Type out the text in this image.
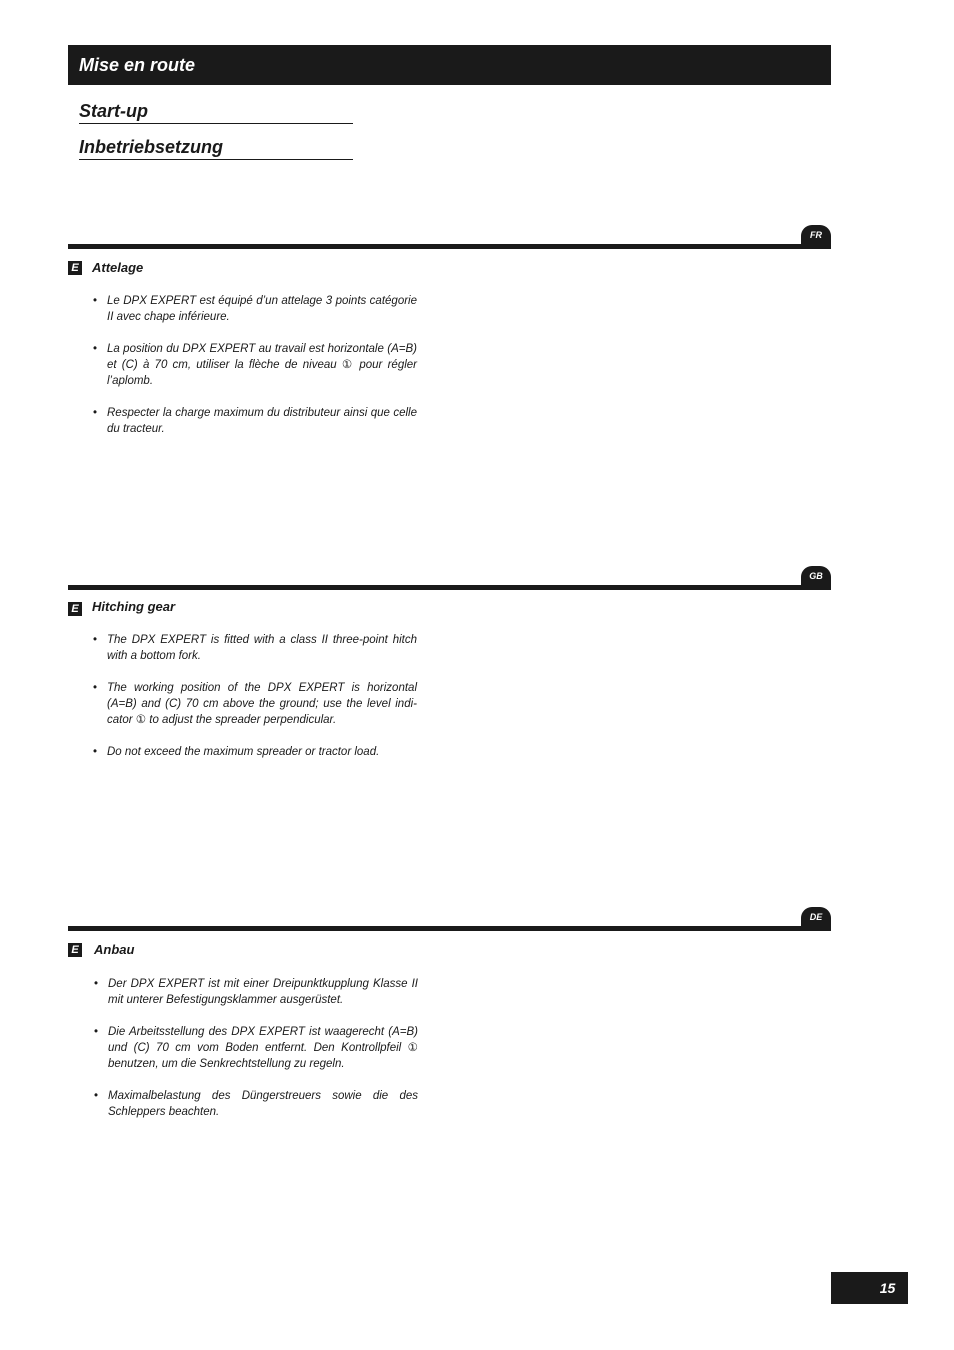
Mise en route
Start-up
Inbetriebsetzung
FR
E Attelage
• Le DPX EXPERT est équipé d’un attelage 3 points catégorie II avec chape inférieure.
• La position du DPX EXPERT au travail est horizontale (A=B) et (C) à 70 cm, utiliser la flèche de niveau ① pour régler l’aplomb.
• Respecter la charge maximum du distributeur ainsi que celle du tracteur.
GB
E Hitching gear
• The DPX EXPERT is fitted with a class II three-point hitch with a bottom fork.
• The working position of the DPX EXPERT is horizontal (A=B) and (C) 70 cm above the ground; use the level indicator ① to adjust the spreader perpendicular.
• Do not exceed the maximum spreader or tractor load.
DE
E Anbau
• Der DPX EXPERT ist mit einer Dreipunktkupplung Klasse II mit unterer Befestigungsklammer ausgerüstet.
• Die Arbeitsstellung des DPX EXPERT ist waagerecht (A=B) und (C) 70 cm vom Boden entfernt. Den Kontrollpfeil ① benutzen, um die Senkrechtstellung zu regeln.
• Maximalbelastung des Düngerstreuers sowie die des Schleppers beachten.
15
